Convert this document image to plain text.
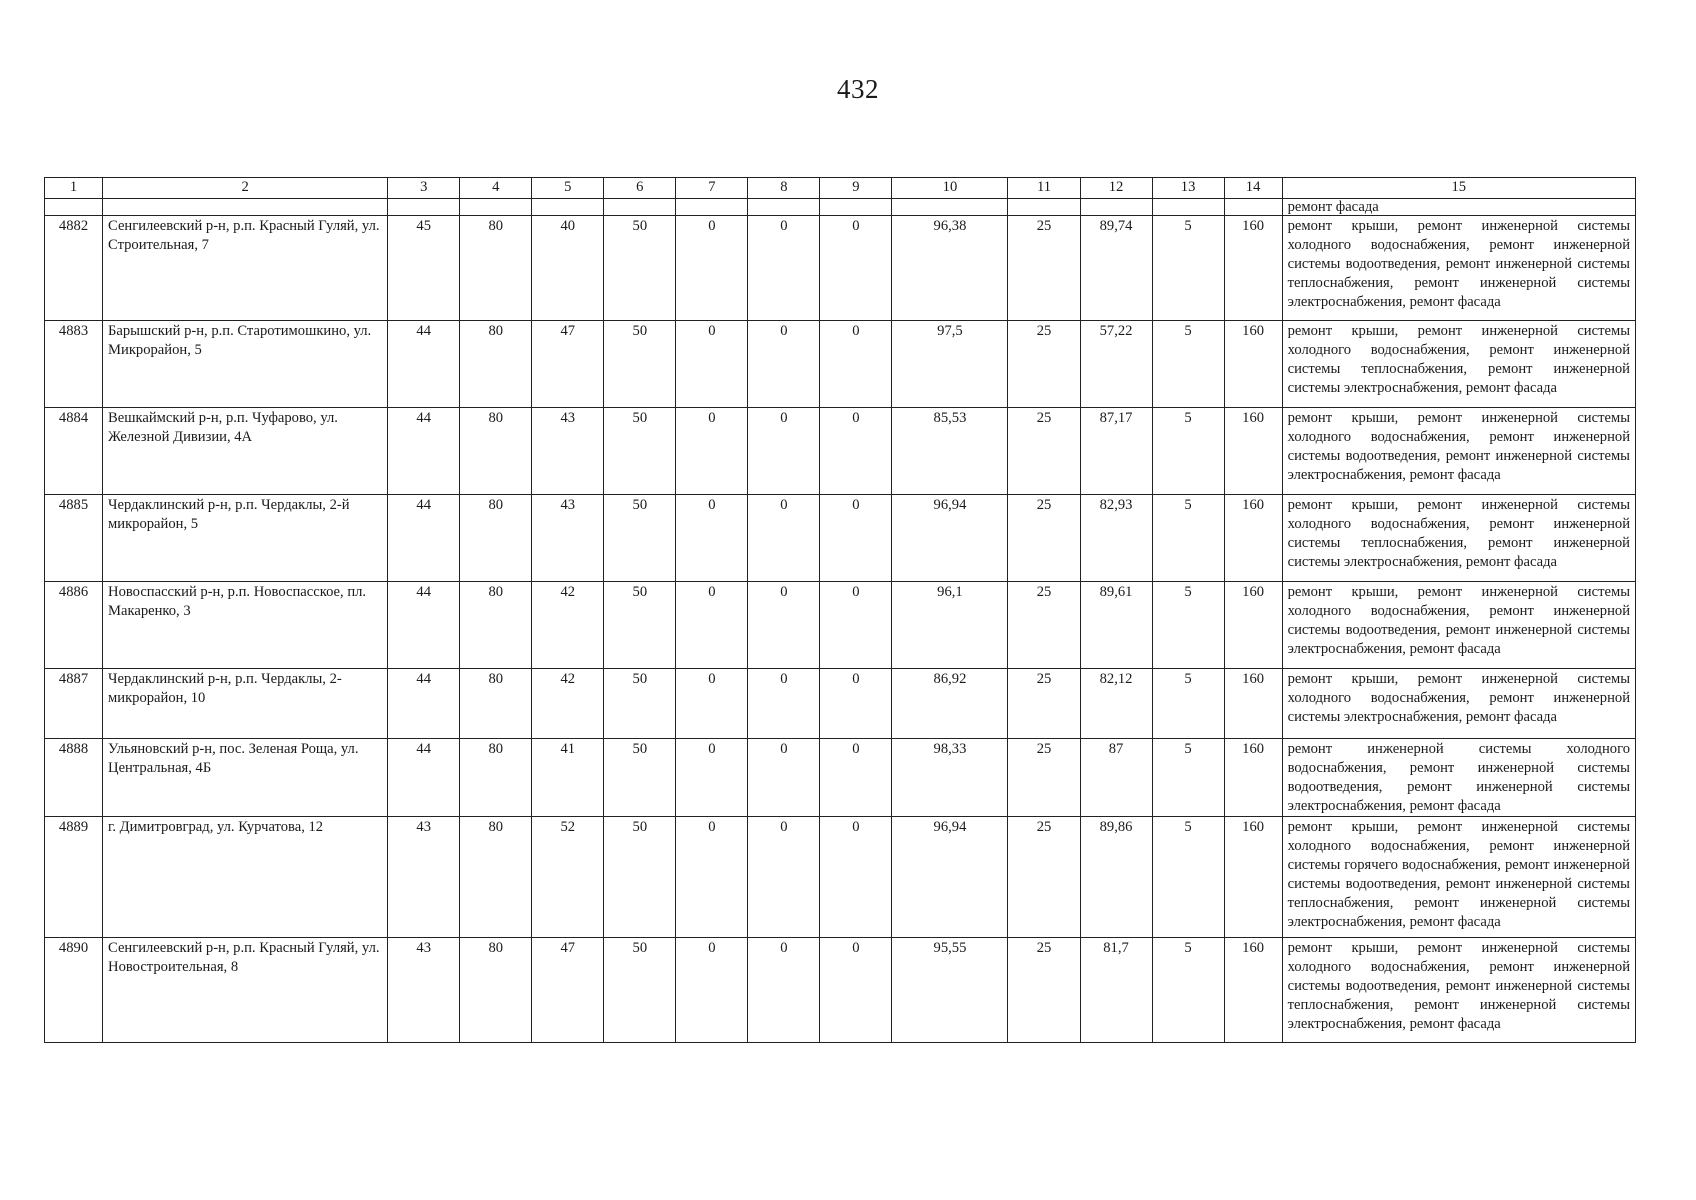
432
1	2	3	4	5	6	7	8	9	10	11	12	13	14	15
														ремонт фасада
4882	Сенгилеевский р-н, р.п. Красный Гуляй, ул. Строительная, 7	45	80	40	50	0	0	0	96,38	25	89,74	5	160	ремонт крыши, ремонт инженерной системы холодного водоснабжения, ремонт инженерной системы водоотведения, ремонт инженерной системы теплоснабжения, ремонт инженерной системы электроснабжения, ремонт фасада
4883	Барышский р-н, р.п. Старотимошкино, ул. Микрорайон, 5	44	80	47	50	0	0	0	97,5	25	57,22	5	160	ремонт крыши, ремонт инженерной системы холодного водоснабжения, ремонт инженерной системы теплоснабжения, ремонт инженерной системы электроснабжения, ремонт фасада
4884	Вешкаймский р-н, р.п. Чуфарово, ул. Железной Дивизии, 4А	44	80	43	50	0	0	0	85,53	25	87,17	5	160	ремонт крыши, ремонт инженерной системы холодного водоснабжения, ремонт инженерной системы водоотведения, ремонт инженерной системы электроснабжения, ремонт фасада
4885	Чердаклинский р-н, р.п. Чердаклы, 2-й микрорайон, 5	44	80	43	50	0	0	0	96,94	25	82,93	5	160	ремонт крыши, ремонт инженерной системы холодного водоснабжения, ремонт инженерной системы теплоснабжения, ремонт инженерной системы электроснабжения, ремонт фасада
4886	Новоспасский р-н, р.п. Новоспасское, пл. Макаренко, 3	44	80	42	50	0	0	0	96,1	25	89,61	5	160	ремонт крыши, ремонт инженерной системы холодного водоснабжения, ремонт инженерной системы водоотведения, ремонт инженерной системы электроснабжения, ремонт фасада
4887	Чердаклинский р-н, р.п. Чердаклы, 2-микрорайон, 10	44	80	42	50	0	0	0	86,92	25	82,12	5	160	ремонт крыши, ремонт инженерной системы холодного водоснабжения, ремонт инженерной системы электроснабжения, ремонт фасада
4888	Ульяновский р-н, пос. Зеленая Роща, ул. Центральная, 4Б	44	80	41	50	0	0	0	98,33	25	87	5	160	ремонт инженерной системы холодного водоснабжения, ремонт инженерной системы водоотведения, ремонт инженерной системы электроснабжения, ремонт фасада
4889	г. Димитровград, ул. Курчатова, 12	43	80	52	50	0	0	0	96,94	25	89,86	5	160	ремонт крыши, ремонт инженерной системы холодного водоснабжения, ремонт инженерной системы горячего водоснабжения, ремонт инженерной системы водоотведения, ремонт инженерной системы теплоснабжения, ремонт инженерной системы электроснабжения, ремонт фасада
4890	Сенгилеевский р-н, р.п. Красный Гуляй, ул. Новостроительная, 8	43	80	47	50	0	0	0	95,55	25	81,7	5	160	ремонт крыши, ремонт инженерной системы холодного водоснабжения, ремонт инженерной системы водоотведения, ремонт инженерной системы теплоснабжения, ремонт инженерной системы электроснабжения, ремонт фасада
